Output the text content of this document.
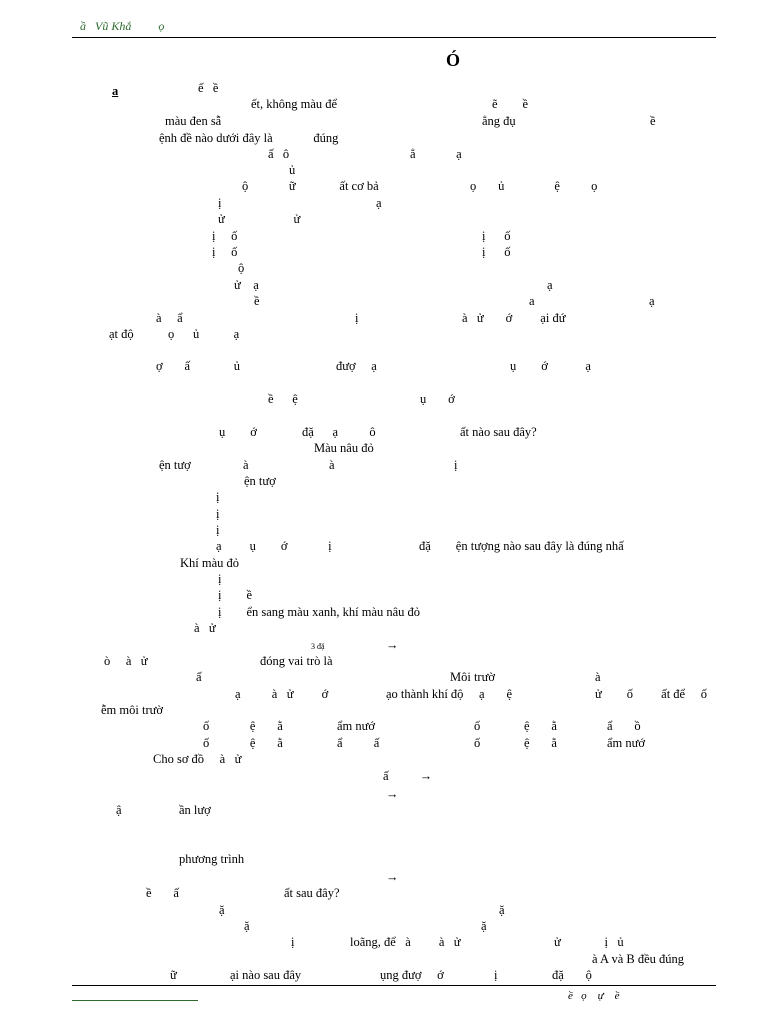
ầ   Vũ Khắ         ọ
Ó
a	ế   ề
ết, không màu để	ẽ        ề
màu đen sẫ	ẳng đụ	ề
ệnh đề nào dưới đây là             đúng
ấ   ô	ẳ             ạ
ủ
ộ             ữ              ất cơ bả	ọ       ủ                ệ          ọ
ị	ạ
ử                      ử
ị     ố	ị      ố
ị     ố	ị      ố
ộ
ử    ạ	ạ
ề	a	ạ
à     ẩ	ị	à   ử       ớ         ại đứ
ạt độ           ọ      ủ           ạ
ợ       ấ              ủ	đượ     ạ	ụ        ớ            ạ
ề      ệ	ụ       ớ
ụ        ớ	đặ      ạ          ô	ất nào sau đây?
Màu nâu đỏ
ện tượ	à	à	ị
ện tượ
ị
ị
ị
ạ         ụ        ớ             ị	đặ        ện tượng nào sau đây là đúng nhấ
Khí màu đỏ
ị
ị        ề
ị        ển sang màu xanh, khí màu nâu đỏ
à   ử
→
ò     à   ử	đóng vai trò là
ấ	Môi trườ	à
ạ          à   ử         ớ	ạo thành khí độ     ạ       ệ	ử        ố         ất để     ố
ễm môi trườ
ố             ệ       ằ	ẩm nướ	ố              ệ       ằ	ẩ       ồ
ố             ệ       ằ	ẩ          ấ	ố              ệ       ằ	ẩm nướ
Cho sơ đồ     à   ử
ấ          →
→
ậ	ần lượ
phương trình
→
ề       ấ	ất sau đây?
ặ	ặ
ặ	ặ
ị	loãng, để   à         à   ử	ử              ị   ủ
à A và B đều đúng
ữ	ại nào sau đây	ụng đượ     ớ	ị	đặ       ộ
3 đặ
ề   ọ    ự    ề
